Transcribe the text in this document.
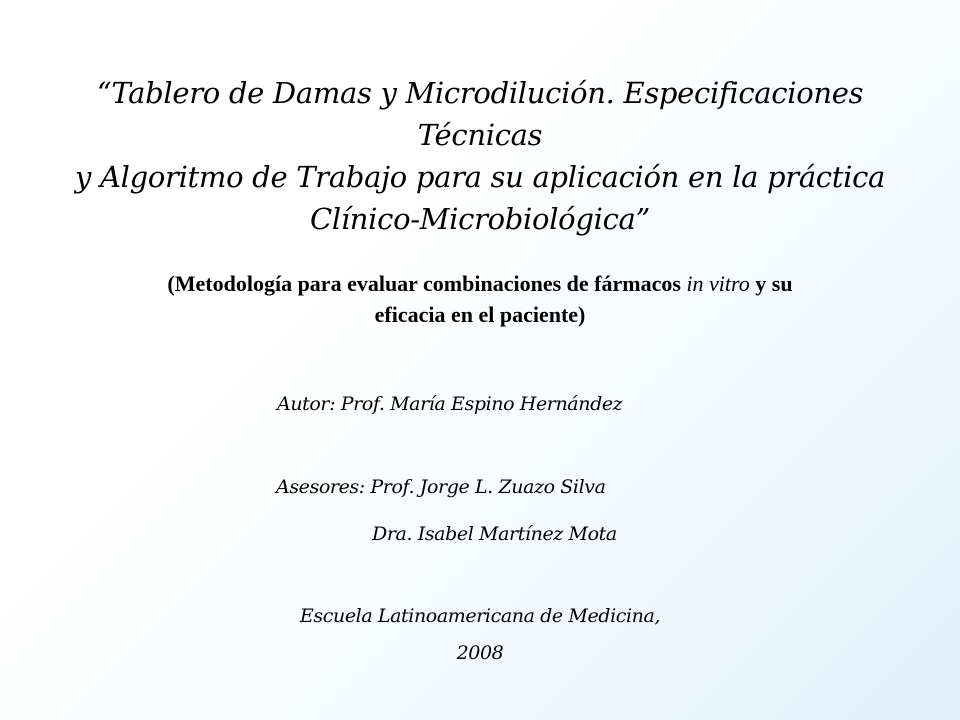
“Tablero de Damas y Microdilución. Especificaciones Técnicas
y Algoritmo de Trabajo para su aplicación en la práctica
Clínico-Microbiológica”

(Metodología para evaluar combinaciones de fármacos in vitro y su eficacia en el paciente)

Autor: Prof. María Espino Hernández

Asesores: Prof. Jorge L. Zuazo Silva

Dra. Isabel Martínez Mota

Escuela Latinoamericana de Medicina,
2008
